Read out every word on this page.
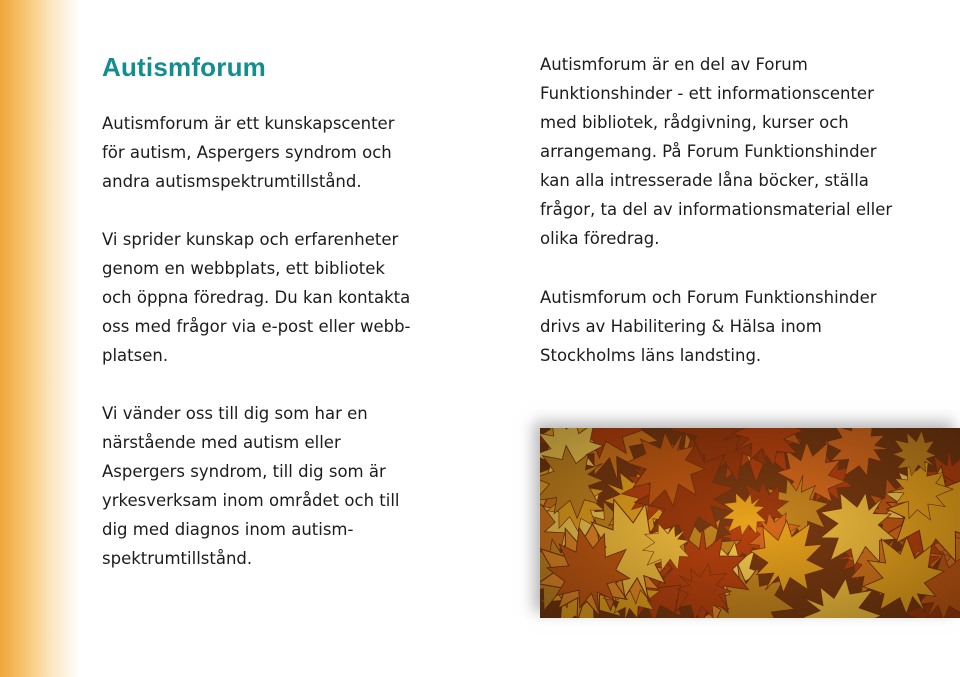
Autismforum

Autismforum är ett kunskapscenter
för autism, Aspergers syndrom och
andra autismspektrumtillstånd.

Vi sprider kunskap och erfarenheter
genom en webbplats, ett bibliotek
och öppna föredrag. Du kan kontakta
oss med frågor via e-post eller webb-
platsen.

Vi vänder oss till dig som har en
närstående med autism eller
Aspergers syndrom, till dig som är
yrkesverksam inom området och till
dig med diagnos inom autism-
spektrumtillstånd.

Autismforum är en del av Forum
Funktionshinder - ett informationscenter
med bibliotek, rådgivning, kurser och
arrangemang. På Forum Funktionshinder
kan alla intresserade låna böcker, ställa
frågor, ta del av informationsmaterial eller
olika föredrag.

Autismforum och Forum Funktionshinder
drivs av Habilitering & Hälsa inom
Stockholms läns landsting.
